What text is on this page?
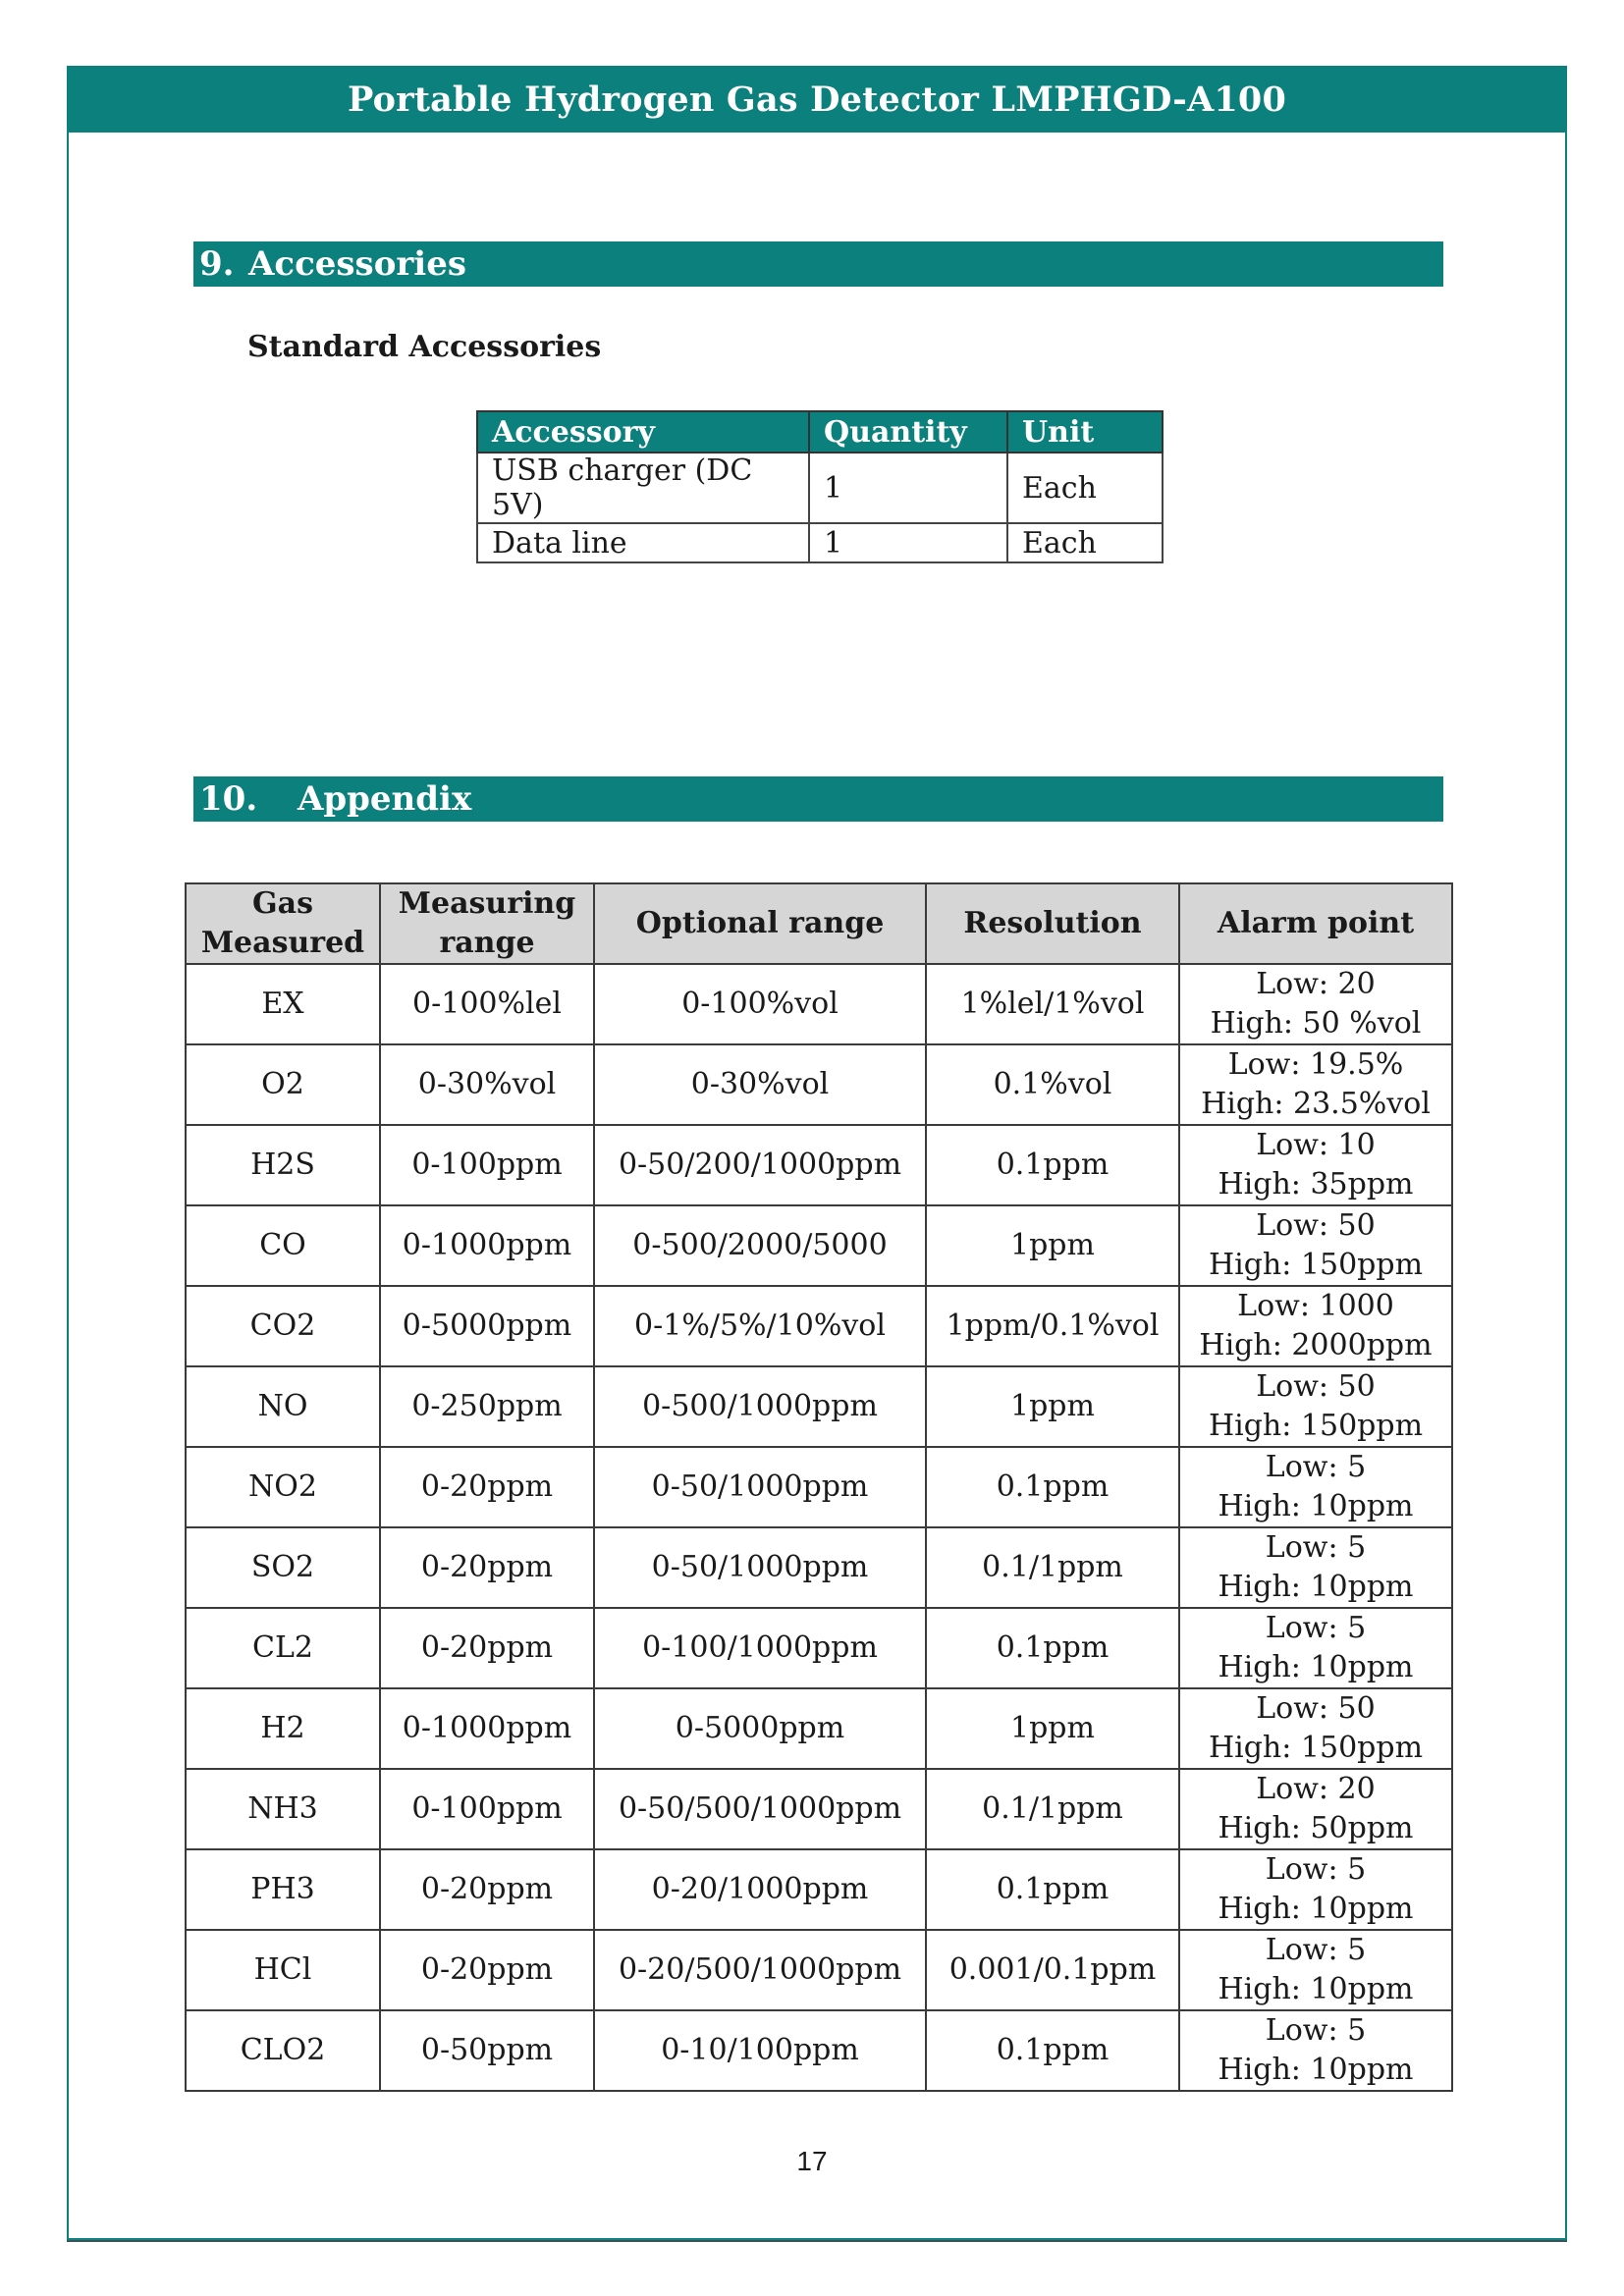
Portable Hydrogen Gas Detector LMPHGD-A100
9. Accessories
Standard Accessories
Accessory	Quantity	Unit
USB charger (DC 5V)	1	Each
Data line	1	Each
10.	Appendix
Gas Measured	Measuring range	Optional range	Resolution	Alarm point
EX	0-100%lel	0-100%vol	1%lel/1%vol	Low: 20
High: 50 %vol

O2	0-30%vol	0-30%vol	0.1%vol	Low: 19.5%
High: 23.5%vol

H2S	0-100ppm	0-50/200/1000ppm	0.1ppm	Low: 10
High: 35ppm

CO	0-1000ppm	0-500/2000/5000	1ppm	Low: 50
High: 150ppm

CO2	0-5000ppm	0-1%/5%/10%vol	1ppm/0.1%vol	Low: 1000
High: 2000ppm

NO	0-250ppm	0-500/1000ppm	1ppm	Low: 50
High: 150ppm

NO2	0-20ppm	0-50/1000ppm	0.1ppm	Low: 5
High: 10ppm

SO2	0-20ppm	0-50/1000ppm	0.1/1ppm	Low: 5
High: 10ppm

CL2	0-20ppm	0-100/1000ppm	0.1ppm	Low: 5
High: 10ppm

H2	0-1000ppm	0-5000ppm	1ppm	Low: 50
High: 150ppm

NH3	0-100ppm	0-50/500/1000ppm	0.1/1ppm	Low: 20
High: 50ppm

PH3	0-20ppm	0-20/1000ppm	0.1ppm	Low: 5
High: 10ppm

HCl	0-20ppm	0-20/500/1000ppm	0.001/0.1ppm	Low: 5
High: 10ppm

CLO2	0-50ppm	0-10/100ppm	0.1ppm	Low: 5
High: 10ppm
17
